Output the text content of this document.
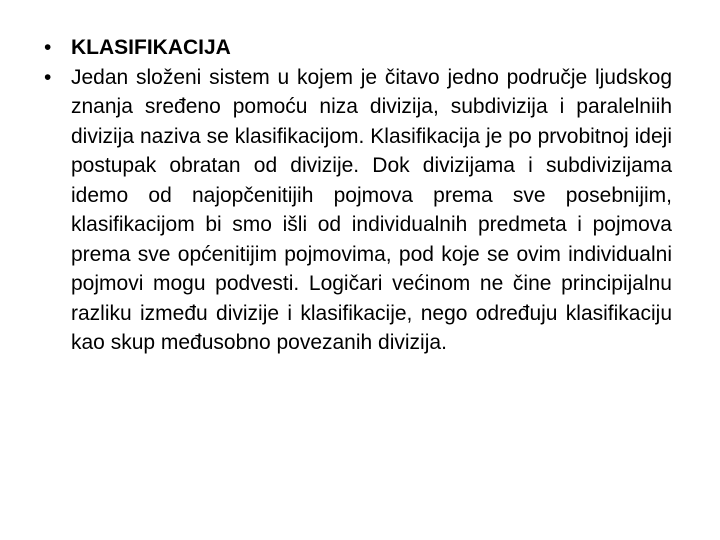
• KLASIFIKACIJA
• Jedan složeni sistem u kojem je čitavo jedno područje ljudskog znanja sređeno pomoću niza divizija, subdivizija i paralelniih divizija naziva se klasifikacijom. Klasifikacija je po prvobitnoj ideji postupak obratan od divizije. Dok divizijama i subdivizijama idemo od najopčenitijih pojmova prema sve posebnijim, klasifikacijom bi smo išli od individualnih predmeta i pojmova prema sve općenitijim pojmovima, pod koje se ovim individualni pojmovi mogu podvesti. Logičari većinom ne čine principijalnu razliku između divizije i klasifikacije, nego određuju klasifikaciju kao skup međusobno povezanih divizija.
